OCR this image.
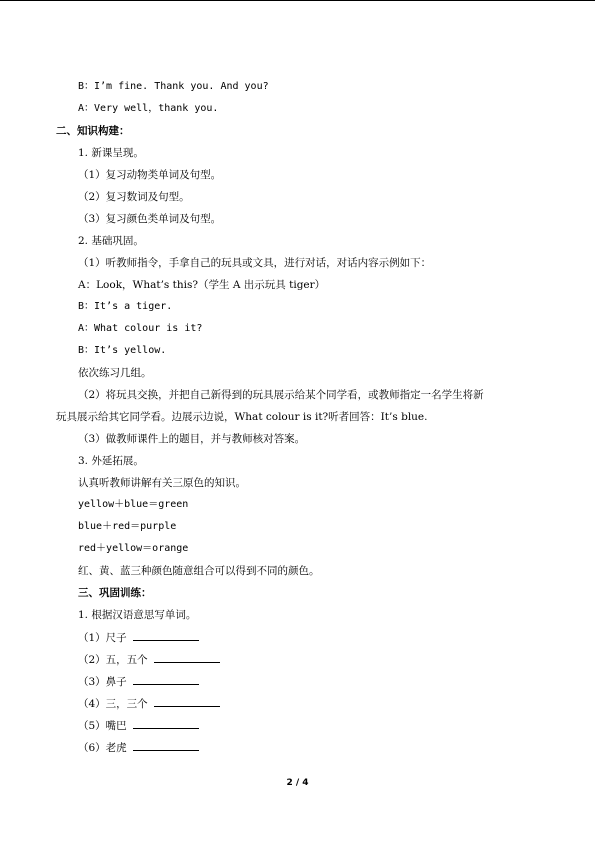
B：I’m fine. Thank you. And you?
A：Very well，thank you.
二、知识构建：
1. 新课呈现。
（1）复习动物类单词及句型。
（2）复习数词及句型。
（3）复习颜色类单词及句型。
2. 基础巩固。
（1）听教师指令，手拿自己的玩具或文具，进行对话，对话内容示例如下：
A：Look，What’s this?（学生 A 出示玩具 tiger）
B：It’s a tiger.
A：What colour is it?
B：It’s yellow.
依次练习几组。
（2）将玩具交换，并把自己新得到的玩具展示给某个同学看，或教师指定一名学生将新
玩具展示给其它同学看。边展示边说，What colour is it?听者回答：It’s blue.
（3）做教师课件上的题目，并与教师核对答案。
3. 外延拓展。
认真听教师讲解有关三原色的知识。
yellow＋blue＝green
blue＋red＝purple
red＋yellow＝orange
红、黄、蓝三种颜色随意组合可以得到不同的颜色。
三、巩固训练：
1. 根据汉语意思写单词。
（1）尺子
（2）五，五个
（3）鼻子
（4）三，三个
（5）嘴巴
（6）老虎
2 / 4
